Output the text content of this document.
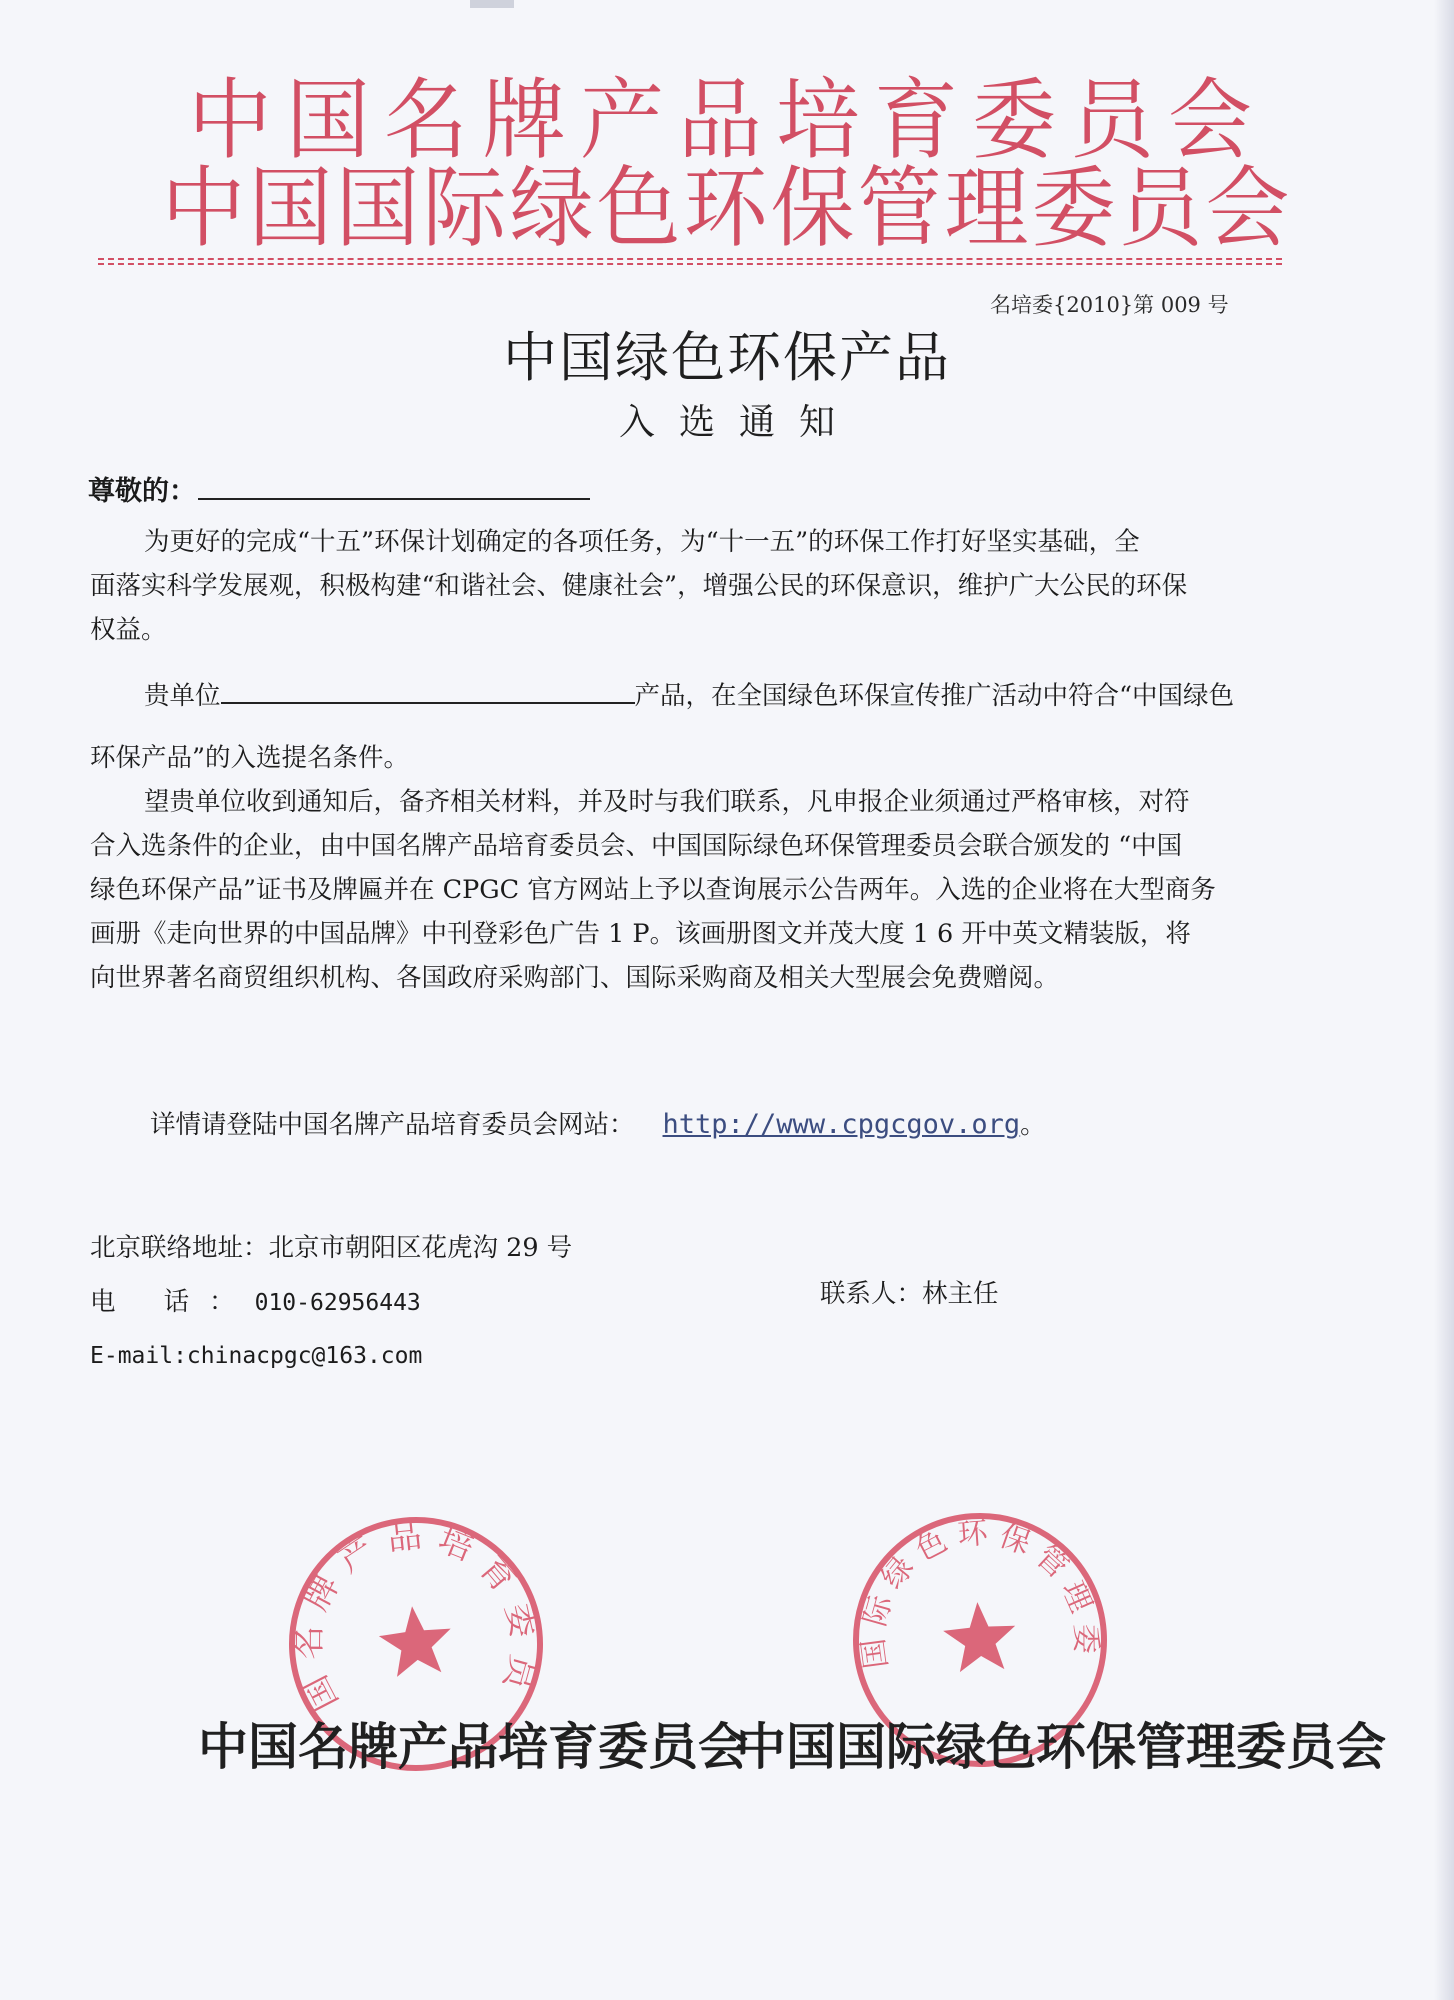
中国名牌产品培育委员会
中国国际绿色环保管理委员会
名培委{2010}第 009 号
中国绿色环保产品
入选通知
尊敬的：
为更好的完成“十五”环保计划确定的各项任务，为“十一五”的环保工作打好坚实基础，全
面落实科学发展观，积极构建“和谐社会、健康社会”，增强公民的环保意识，维护广大公民的环保
权益。
贵单位	产品，在全国绿色环保宣传推广活动中符合“中国绿色
环保产品”的入选提名条件。
望贵单位收到通知后，备齐相关材料，并及时与我们联系，凡申报企业须通过严格审核，对符
合入选条件的企业，由中国名牌产品培育委员会、中国国际绿色环保管理委员会联合颁发的 “中国
绿色环保产品”证书及牌匾并在 CPGC 官方网站上予以查询展示公告两年。入选的企业将在大型商务
画册《走向世界的中国品牌》中刊登彩色广告 1 P。该画册图文并茂大度 1 6 开中英文精装版，将
向世界著名商贸组织机构、各国政府采购部门、国际采购商及相关大型展会免费赠阅。
详情请登陆中国名牌产品培育委员会网站： http://www.cpgcgov.org。
北京联络地址：北京市朝阳区花虎沟 29 号
电 话：010-62956443
E-mail:chinacpgc@163.com
联系人：林主任
中国名牌产品培育委员会	中国国际绿色环保管理委员会
中国名牌产品培育委员会
中国国际绿色环保管理委员会
